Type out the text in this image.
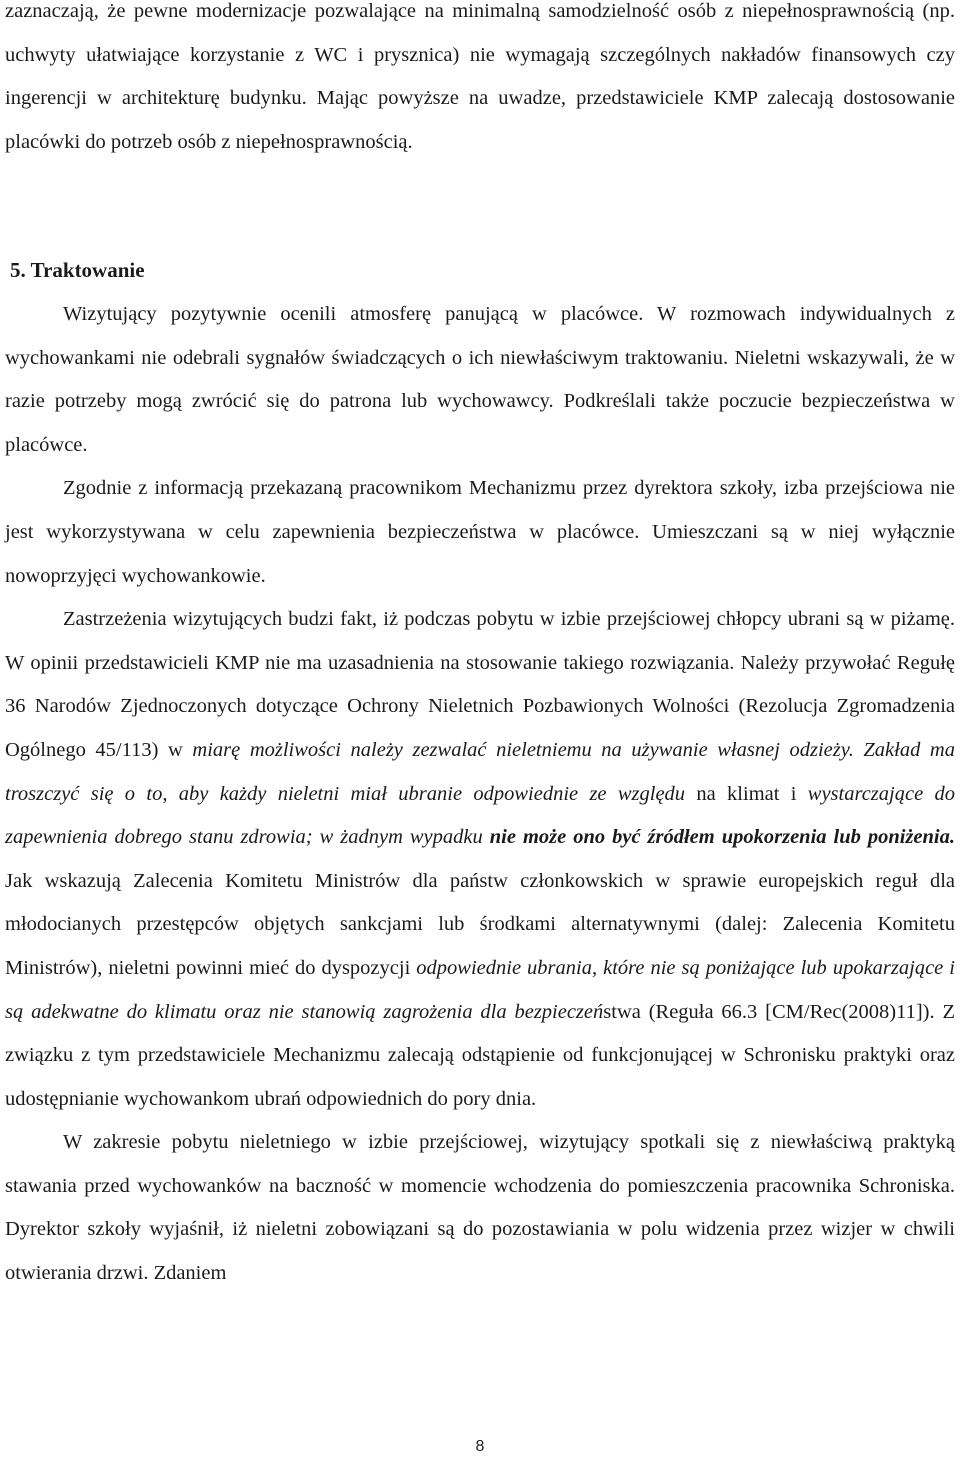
zaznaczają, że pewne modernizacje pozwalające na minimalną samodzielność osób z niepełnosprawnością (np. uchwyty ułatwiające korzystanie z WC i prysznica) nie wymagają szczególnych nakładów finansowych czy ingerencji w architekturę budynku. Mając powyższe na uwadze, przedstawiciele KMP zalecają dostosowanie placówki do potrzeb osób z niepełnosprawnością.

5. Traktowanie

Wizytujący pozytywnie ocenili atmosferę panującą w placówce. W rozmowach indywidualnych z wychowankami nie odebrali sygnałów świadczących o ich niewłaściwym traktowaniu. Nieletni wskazywali, że w razie potrzeby mogą zwrócić się do patrona lub wychowawcy. Podkreślali także poczucie bezpieczeństwa w placówce.

Zgodnie z informacją przekazaną pracownikom Mechanizmu przez dyrektora szkoły, izba przejściowa nie jest wykorzystywana w celu zapewnienia bezpieczeństwa w placówce. Umieszczani są w niej wyłącznie nowoprzyjęci wychowankowie.

Zastrzeżenia wizytujących budzi fakt, iż podczas pobytu w izbie przejściowej chłopcy ubrani są w piżamę. W opinii przedstawicieli KMP nie ma uzasadnienia na stosowanie takiego rozwiązania. Należy przywołać Regułę 36 Narodów Zjednoczonych dotyczące Ochrony Nieletnich Pozbawionych Wolności (Rezolucja Zgromadzenia Ogólnego 45/113) w miarę możliwości należy zezwalać nieletniemu na używanie własnej odzieży. Zakład ma troszczyć się o to, aby każdy nieletni miał ubranie odpowiednie ze względu na klimat i wystarczające do zapewnienia dobrego stanu zdrowia; w żadnym wypadku nie może ono być źródłem upokorzenia lub poniżenia. Jak wskazują Zalecenia Komitetu Ministrów dla państw członkowskich w sprawie europejskich reguł dla młodocianych przestępców objętych sankcjami lub środkami alternatywnymi (dalej: Zalecenia Komitetu Ministrów), nieletni powinni mieć do dyspozycji odpowiednie ubrania, które nie są poniżające lub upokarzające i są adekwatne do klimatu oraz nie stanowią zagrożenia dla bezpieczeństwa (Reguła 66.3 [CM/Rec(2008)11]). Z związku z tym przedstawiciele Mechanizmu zalecają odstąpienie od funkcjonującej w Schronisku praktyki oraz udostępnianie wychowankom ubrań odpowiednich do pory dnia.

W zakresie pobytu nieletniego w izbie przejściowej, wizytujący spotkali się z niewłaściwą praktyką stawania przed wychowanków na baczność w momencie wchodzenia do pomieszczenia pracownika Schroniska. Dyrektor szkoły wyjaśnił, iż nieletni zobowiązani są do pozostawiania w polu widzenia przez wizjer w chwili otwierania drzwi. Zdaniem

8
